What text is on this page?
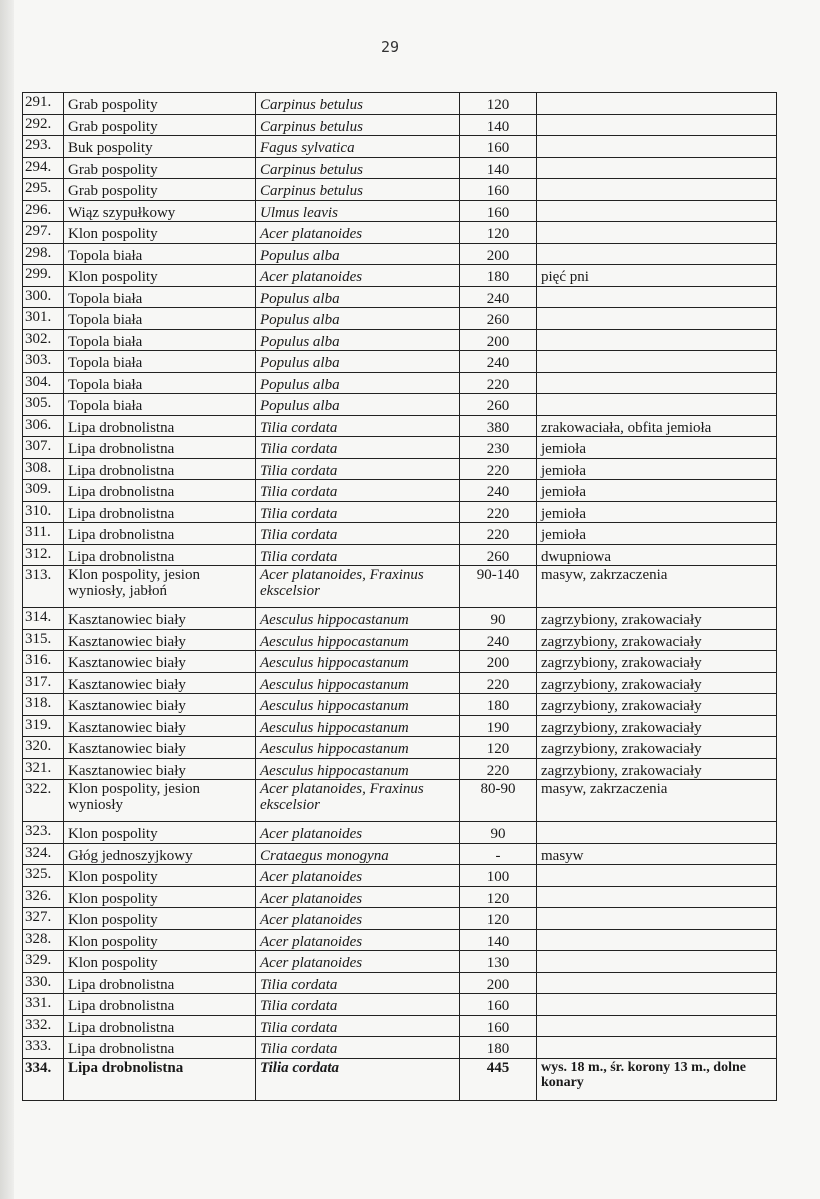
29
291.	Grab pospolity	Carpinus betulus	120	
292.	Grab pospolity	Carpinus betulus	140	
293.	Buk pospolity	Fagus sylvatica	160	
294.	Grab pospolity	Carpinus betulus	140	
295.	Grab pospolity	Carpinus betulus	160	
296.	Wiąz szypułkowy	Ulmus leavis	160	
297.	Klon pospolity	Acer platanoides	120	
298.	Topola biała	Populus alba	200	
299.	Klon pospolity	Acer platanoides	180	pięć pni
300.	Topola biała	Populus alba	240	
301.	Topola biała	Populus alba	260	
302.	Topola biała	Populus alba	200	
303.	Topola biała	Populus alba	240	
304.	Topola biała	Populus alba	220	
305.	Topola biała	Populus alba	260	
306.	Lipa drobnolistna	Tilia cordata	380	zrakowaciała, obfita jemioła
307.	Lipa drobnolistna	Tilia cordata	230	jemioła
308.	Lipa drobnolistna	Tilia cordata	220	jemioła
309.	Lipa drobnolistna	Tilia cordata	240	jemioła
310.	Lipa drobnolistna	Tilia cordata	220	jemioła
311.	Lipa drobnolistna	Tilia cordata	220	jemioła
312.	Lipa drobnolistna	Tilia cordata	260	dwupniowa
313.	Klon pospolity, jesion wyniosły, jabłoń	Acer platanoides, Fraxinus ekscelsior	90-140	masyw, zakrzaczenia
314.	Kasztanowiec biały	Aesculus hippocastanum	90	zagrzybiony, zrakowaciały
315.	Kasztanowiec biały	Aesculus hippocastanum	240	zagrzybiony, zrakowaciały
316.	Kasztanowiec biały	Aesculus hippocastanum	200	zagrzybiony, zrakowaciały
317.	Kasztanowiec biały	Aesculus hippocastanum	220	zagrzybiony, zrakowaciały
318.	Kasztanowiec biały	Aesculus hippocastanum	180	zagrzybiony, zrakowaciały
319.	Kasztanowiec biały	Aesculus hippocastanum	190	zagrzybiony, zrakowaciały
320.	Kasztanowiec biały	Aesculus hippocastanum	120	zagrzybiony, zrakowaciały
321.	Kasztanowiec biały	Aesculus hippocastanum	220	zagrzybiony, zrakowaciały
322.	Klon pospolity, jesion wyniosły	Acer platanoides, Fraxinus ekscelsior	80-90	masyw, zakrzaczenia
323.	Klon pospolity	Acer platanoides	90	
324.	Głóg jednoszyjkowy	Crataegus monogyna	-	masyw
325.	Klon pospolity	Acer platanoides	100	
326.	Klon pospolity	Acer platanoides	120	
327.	Klon pospolity	Acer platanoides	120	
328.	Klon pospolity	Acer platanoides	140	
329.	Klon pospolity	Acer platanoides	130	
330.	Lipa drobnolistna	Tilia cordata	200	
331.	Lipa drobnolistna	Tilia cordata	160	
332.	Lipa drobnolistna	Tilia cordata	160	
333.	Lipa drobnolistna	Tilia cordata	180	
334.	Lipa drobnolistna	Tilia cordata	445	wys. 18 m., śr. korony 13 m., dolne konary
